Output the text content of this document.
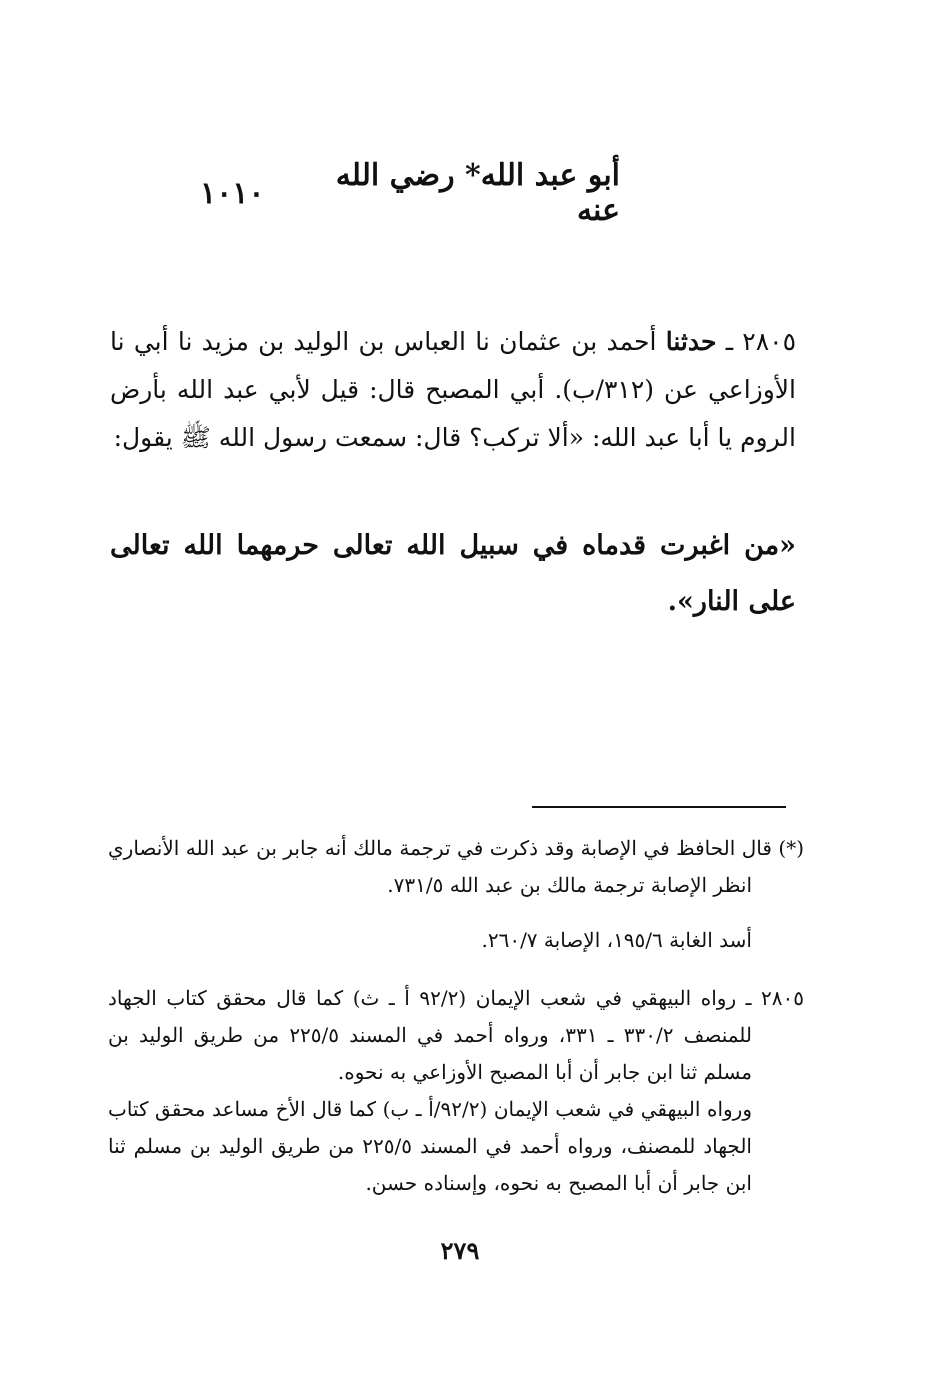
١٠١٠	أبو عبد الله* رضي الله عنه

٢٨٠٥ ـ حدثنا أحمد بن عثمان نا العباس بن الوليد بن مزيد نا أبي نا الأوزاعي عن (٣١٢/ب). أبي المصبح قال: قيل لأبي عبد الله بأرض الروم يا أبا عبد الله: «ألا تركب؟ قال: سمعت رسول الله ﷺ يقول:

«من اغبرت قدماه في سبيل الله تعالى حرمهما الله تعالى على النار».

(*) قال الحافظ في الإصابة وقد ذكرت في ترجمة مالك أنه جابر بن عبد الله الأنصاري انظر الإصابة ترجمة مالك بن عبد الله ٧٣١/٥.

أسد الغابة ١٩٥/٦، الإصابة ٢٦٠/٧.

٢٨٠٥ ـ رواه البيهقي في شعب الإيمان (٩٢/٢ أ ـ ث) كما قال محقق كتاب الجهاد للمنصف ٣٣٠/٢ ـ ٣٣١، ورواه أحمد في المسند ٢٢٥/٥ من طريق الوليد بن مسلم ثنا ابن جابر أن أبا المصبح الأوزاعي به نحوه.

ورواه البيهقي في شعب الإيمان (٩٢/٢/أ ـ ب) كما قال الأخ مساعد محقق كتاب الجهاد للمصنف، ورواه أحمد في المسند ٢٢٥/٥ من طريق الوليد بن مسلم ثنا ابن جابر أن أبا المصبح به نحوه، وإسناده حسن.

٢٧٩
